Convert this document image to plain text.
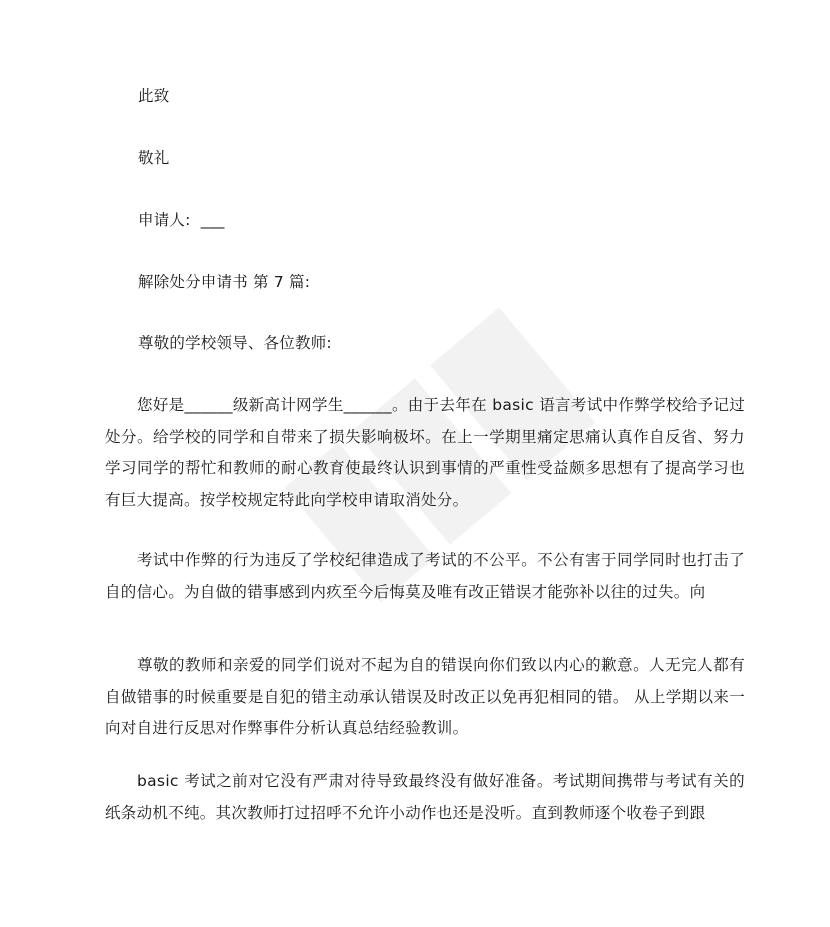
此致
敬礼
申请人:  ___
解除处分申请书 第 7 篇:
尊敬的学校领导、各位教师:
您好是______级新高计网学生______。由于去年在 basic 语言考试中作弊学校给予记过处分。给学校的同学和自带来了损失影响极坏。在上一学期里痛定思痛认真作自反省、努力学习同学的帮忙和教师的耐心教育使最终认识到事情的严重性受益颇多思想有了提高学习也有巨大提高。按学校规定特此向学校申请取消处分。
考试中作弊的行为违反了学校纪律造成了考试的不公平。不公有害于同学同时也打击了自的信心。为自做的错事感到内疚至今后悔莫及唯有改正错误才能弥补以往的过失。向
尊敬的教师和亲爱的同学们说对不起为自的错误向你们致以内心的歉意。人无完人都有自做错事的时候重要是自犯的错主动承认错误及时改正以免再犯相同的错。 从上学期以来一向对自进行反思对作弊事件分析认真总结经验教训。
basic 考试之前对它没有严肃对待导致最终没有做好准备。考试期间携带与考试有关的纸条动机不纯。其次教师打过招呼不允许小动作也还是没听。直到教师逐个收卷子到跟
